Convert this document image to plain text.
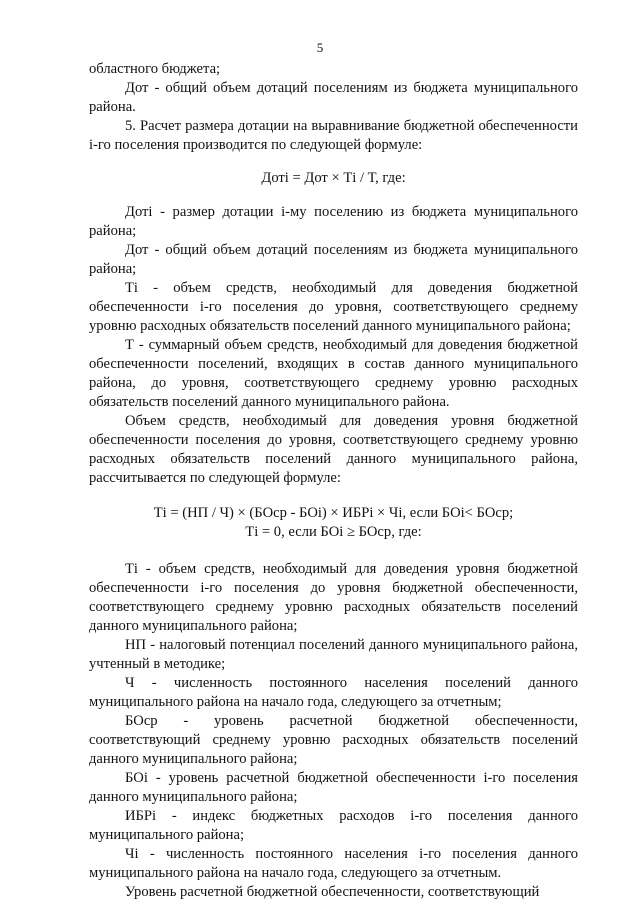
5

областного бюджета;

Дот - общий объем дотаций поселениям из бюджета муниципального района.

5. Расчет размера дотации на выравнивание бюджетной обеспеченности i-го поселения производится по следующей формуле:

Дотi = Дот × Тi / Т, где:

Дотi - размер дотации i-му поселению из бюджета муниципального района;

Дот - общий объем дотаций поселениям из бюджета муниципального района;

Тi - объем средств, необходимый для доведения бюджетной обеспеченности i-го поселения до уровня, соответствующего среднему уровню расходных обязательств поселений данного муниципального района;

Т - суммарный объем средств, необходимый для доведения бюджетной обеспеченности поселений, входящих в состав данного муниципального района, до уровня, соответствующего среднему уровню расходных обязательств поселений данного муниципального района.

Объем средств, необходимый для доведения уровня бюджетной обеспеченности поселения до уровня, соответствующего среднему уровню расходных обязательств поселений данного муниципального района, рассчитывается по следующей формуле:

Тi = (НП / Ч) × (БОср - БОi) × ИБРi × Чi, если БОi< БОср;

Тi = 0, если БОi ≥ БОср, где:

Тi - объем средств, необходимый для доведения уровня бюджетной обеспеченности i-го поселения до уровня бюджетной обеспеченности, соответствующего среднему уровню расходных обязательств поселений данного муниципального района;

НП - налоговый потенциал поселений данного муниципального района, учтенный в методике;

Ч - численность постоянного населения поселений данного муниципального района на начало года, следующего за отчетным;

БОср - уровень расчетной бюджетной обеспеченности, соответствующий среднему уровню расходных обязательств поселений данного муниципального района;

БОi - уровень расчетной бюджетной обеспеченности i-го поселения данного муниципального района;

ИБРi - индекс бюджетных расходов i-го поселения данного муниципального района;

Чi - численность постоянного населения i-го поселения данного муниципального района на начало года, следующего за отчетным.

Уровень расчетной бюджетной обеспеченности, соответствующий
